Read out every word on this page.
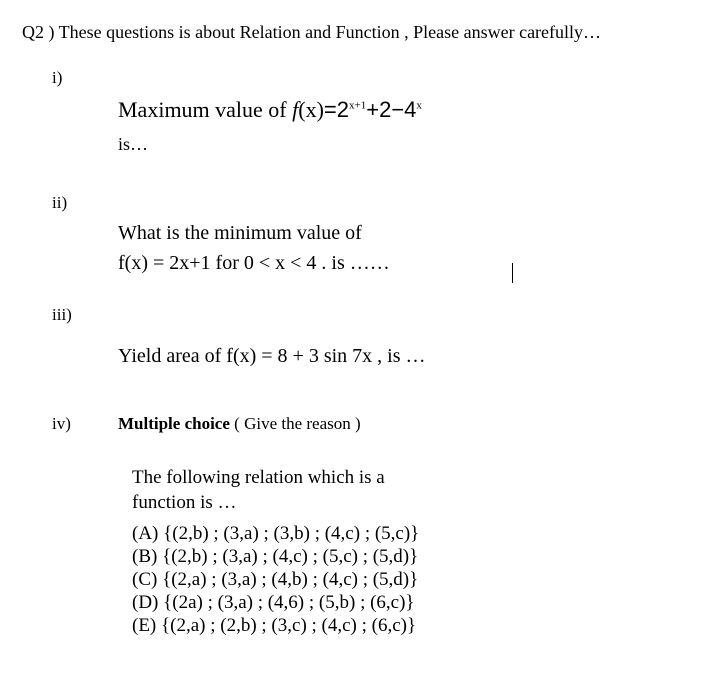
Q2 ) These questions is about Relation and Function , Please answer carefully…
i)
Maximum value of $f(x)=2^{x+1}+2-4^x$
is…
ii)
What is the minimum value of
f(x) = 2x+1 for 0 < x < 4 . is ……
iii)
Yield area of f(x) = 8 + 3 sin 7x , is …
iv)	Multiple choice ( Give the reason )
The following relation which is a
function is …
(A) {(2,b) ; (3,a) ; (3,b) ; (4,c) ; (5,c)}
(B) {(2,b) ; (3,a) ; (4,c) ; (5,c) ; (5,d)}
(C) {(2,a) ; (3,a) ; (4,b) ; (4,c) ; (5,d)}
(D) {(2a) ; (3,a) ; (4,6) ; (5,b) ; (6,c)}
(E) {(2,a) ; (2,b) ; (3,c) ; (4,c) ; (6,c)}
